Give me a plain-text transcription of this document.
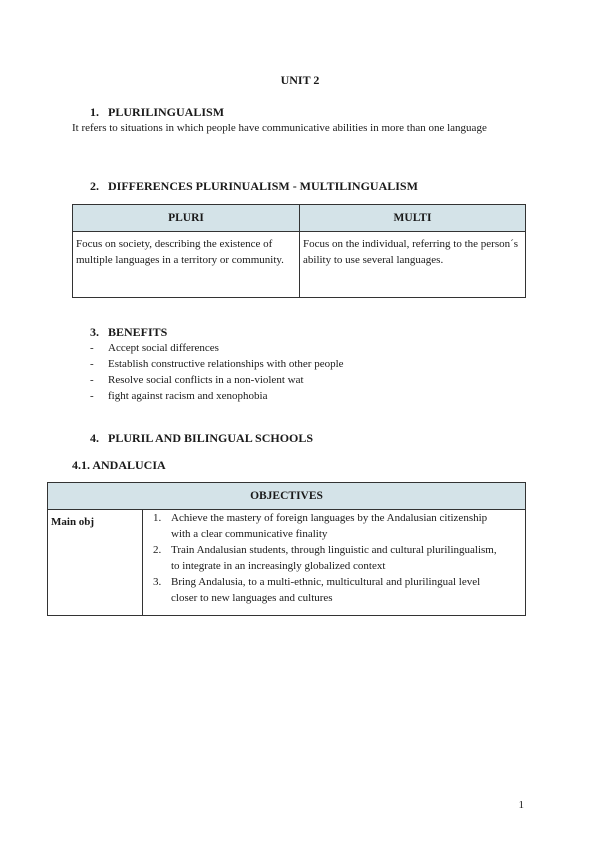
UNIT 2
1. PLURILINGUALISM
It refers to situations in which people have communicative abilities in more than one language
2. DIFFERENCES PLURINUALISM - MULTILINGUALISM
PLURI	MULTI

Focus on society, describing the existence of multiple languages in a territory or community.	Focus on the individual, referring to the person´s ability to use several languages.
3. BENEFITS
- Accept social differences
- Establish constructive relationships with other people
- Resolve social conflicts in a non-violent wat
- fight against racism and xenophobia
4. PLURIL AND BILINGUAL SCHOOLS
4.1. ANDALUCIA
OBJECTIVES

Main obj	1. Achieve the mastery of foreign languages by the Andalusian citizenship with a clear communicative finality
2. Train Andalusian students, through linguistic and cultural plurilingualism, to integrate in an increasingly globalized context
3. Bring Andalusia, to a multi-ethnic, multicultural and plurilingual level closer to new languages and cultures
1
